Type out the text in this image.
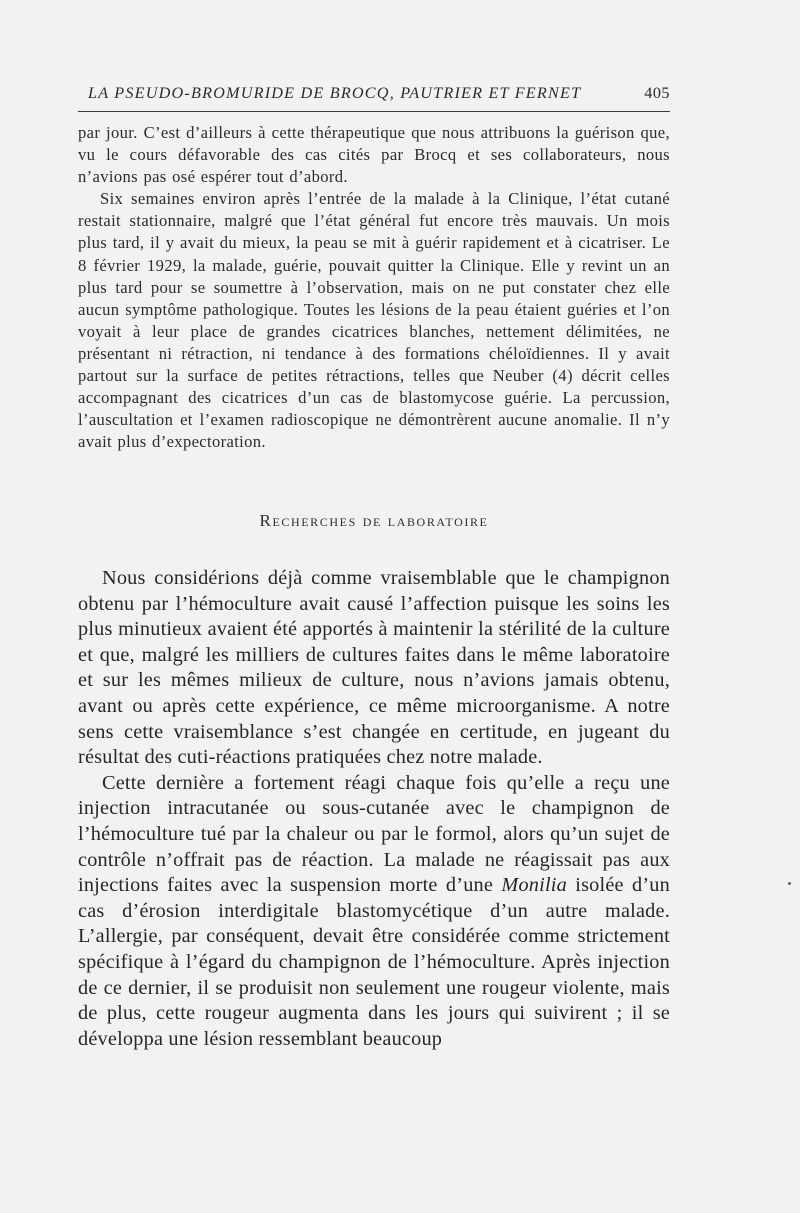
LA PSEUDO-BROMURIDE DE BROCQ, PAUTRIER ET FERNET	405

par jour. C’est d’ailleurs à cette thérapeutique que nous attribuons la guérison que, vu le cours défavorable des cas cités par Brocq et ses collaborateurs, nous n’avions pas osé espérer tout d’abord.

Six semaines environ après l’entrée de la malade à la Clinique, l’état cutané restait stationnaire, malgré que l’état général fut encore très mauvais. Un mois plus tard, il y avait du mieux, la peau se mit à guérir rapidement et à cicatriser. Le 8 février 1929, la malade, guérie, pouvait quitter la Clinique. Elle y revint un an plus tard pour se soumettre à l’observation, mais on ne put constater chez elle aucun symptôme pathologique. Toutes les lésions de la peau étaient guéries et l’on voyait à leur place de grandes cicatrices blanches, nettement délimitées, ne présentant ni rétraction, ni tendance à des formations chéloïdiennes. Il y avait partout sur la surface de petites rétractions, telles que Neuber (4) décrit celles accompagnant des cicatrices d’un cas de blastomycose guérie. La percussion, l’auscultation et l’examen radioscopique ne démontrèrent aucune anomalie. Il n’y avait plus d’expectoration.

Recherches de laboratoire

Nous considérions déjà comme vraisemblable que le champignon obtenu par l’hémoculture avait causé l’affection puisque les soins les plus minutieux avaient été apportés à maintenir la stérilité de la culture et que, malgré les milliers de cultures faites dans le même laboratoire et sur les mêmes milieux de culture, nous n’avions jamais obtenu, avant ou après cette expérience, ce même microorganisme. A notre sens cette vraisemblance s’est changée en certitude, en jugeant du résultat des cuti-réactions pratiquées chez notre malade.

Cette dernière a fortement réagi chaque fois qu’elle a reçu une injection intracutanée ou sous-cutanée avec le champignon de l’hémoculture tué par la chaleur ou par le formol, alors qu’un sujet de contrôle n’offrait pas de réaction. La malade ne réagissait pas aux injections faites avec la suspension morte d’une Monilia isolée d’un cas d’érosion interdigitale blastomycétique d’un autre malade. L’allergie, par conséquent, devait être considérée comme strictement spécifique à l’égard du champignon de l’hémoculture. Après injection de ce dernier, il se produisit non seulement une rougeur violente, mais de plus, cette rougeur augmenta dans les jours qui suivirent ; il se développa une lésion ressemblant beaucoup
